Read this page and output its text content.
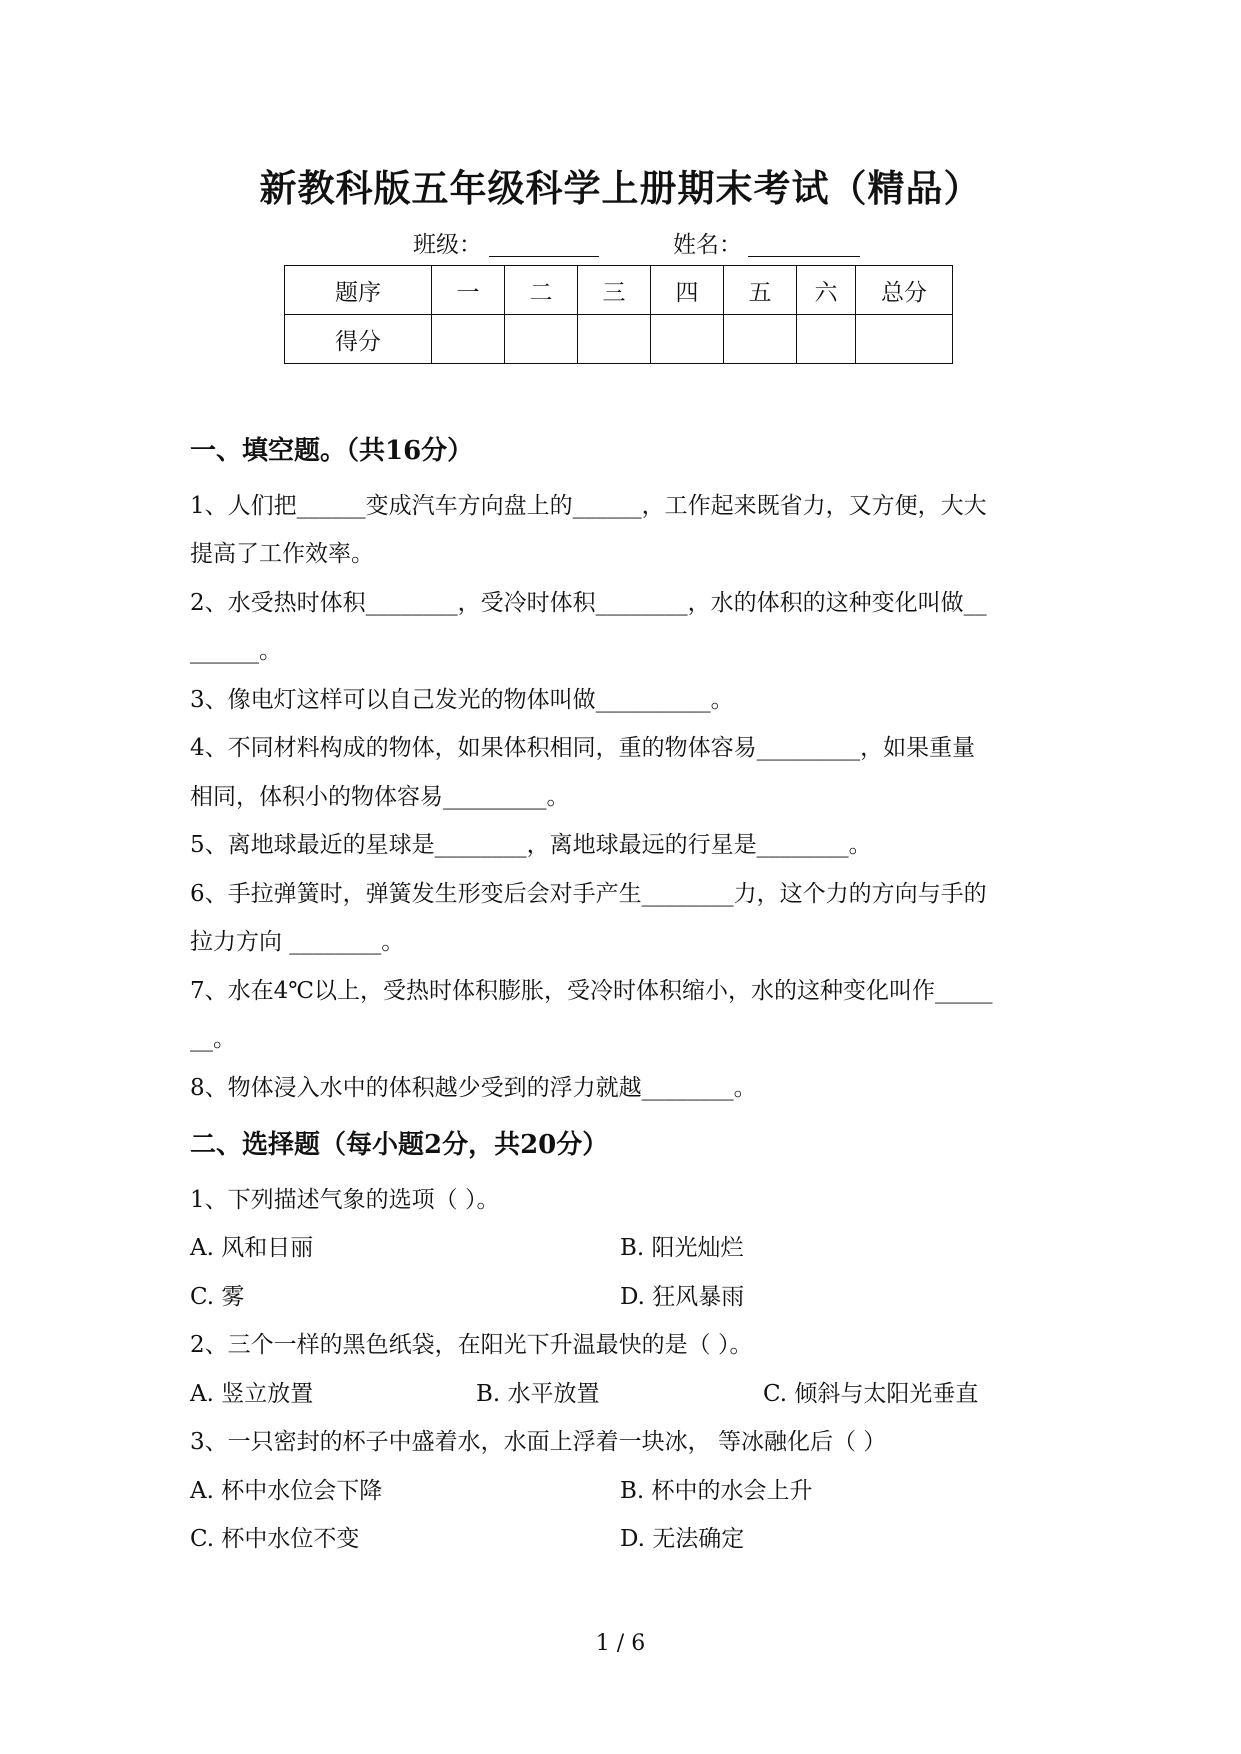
新教科版五年级科学上册期末考试（精品）
班级：	姓名：
题序	一	二	三	四	五	六	总分
得分							
一、填空题。（共16分）
1、人们把______变成汽车方向盘上的______，工作起来既省力，又方便，大大
提高了工作效率。
2、水受热时体积________，受冷时体积________，水的体积的这种变化叫做__
______。
3、像电灯这样可以自己发光的物体叫做__________。
4、不同材料构成的物体，如果体积相同，重的物体容易_________，如果重量
相同，体积小的物体容易_________。
5、离地球最近的星球是________，离地球最远的行星是________。
6、手拉弹簧时，弹簧发生形变后会对手产生________力，这个力的方向与手的
拉力方向 ________。
7、水在4℃以上，受热时体积膨胀，受冷时体积缩小，水的这种变化叫作_____
__。
8、物体浸入水中的体积越少受到的浮力就越________。
二、选择题（每小题2分，共20分）
1、下列描述气象的选项（ ）。
A. 风和日丽	B. 阳光灿烂
C. 雾	D. 狂风暴雨
2、三个一样的黑色纸袋，在阳光下升温最快的是（ ）。
A. 竖立放置	B. 水平放置	C. 倾斜与太阳光垂直
3、一只密封的杯子中盛着水，水面上浮着一块冰， 等冰融化后（ ）
A. 杯中水位会下降	B. 杯中的水会上升
C. 杯中水位不变	D. 无法确定
1 / 6
